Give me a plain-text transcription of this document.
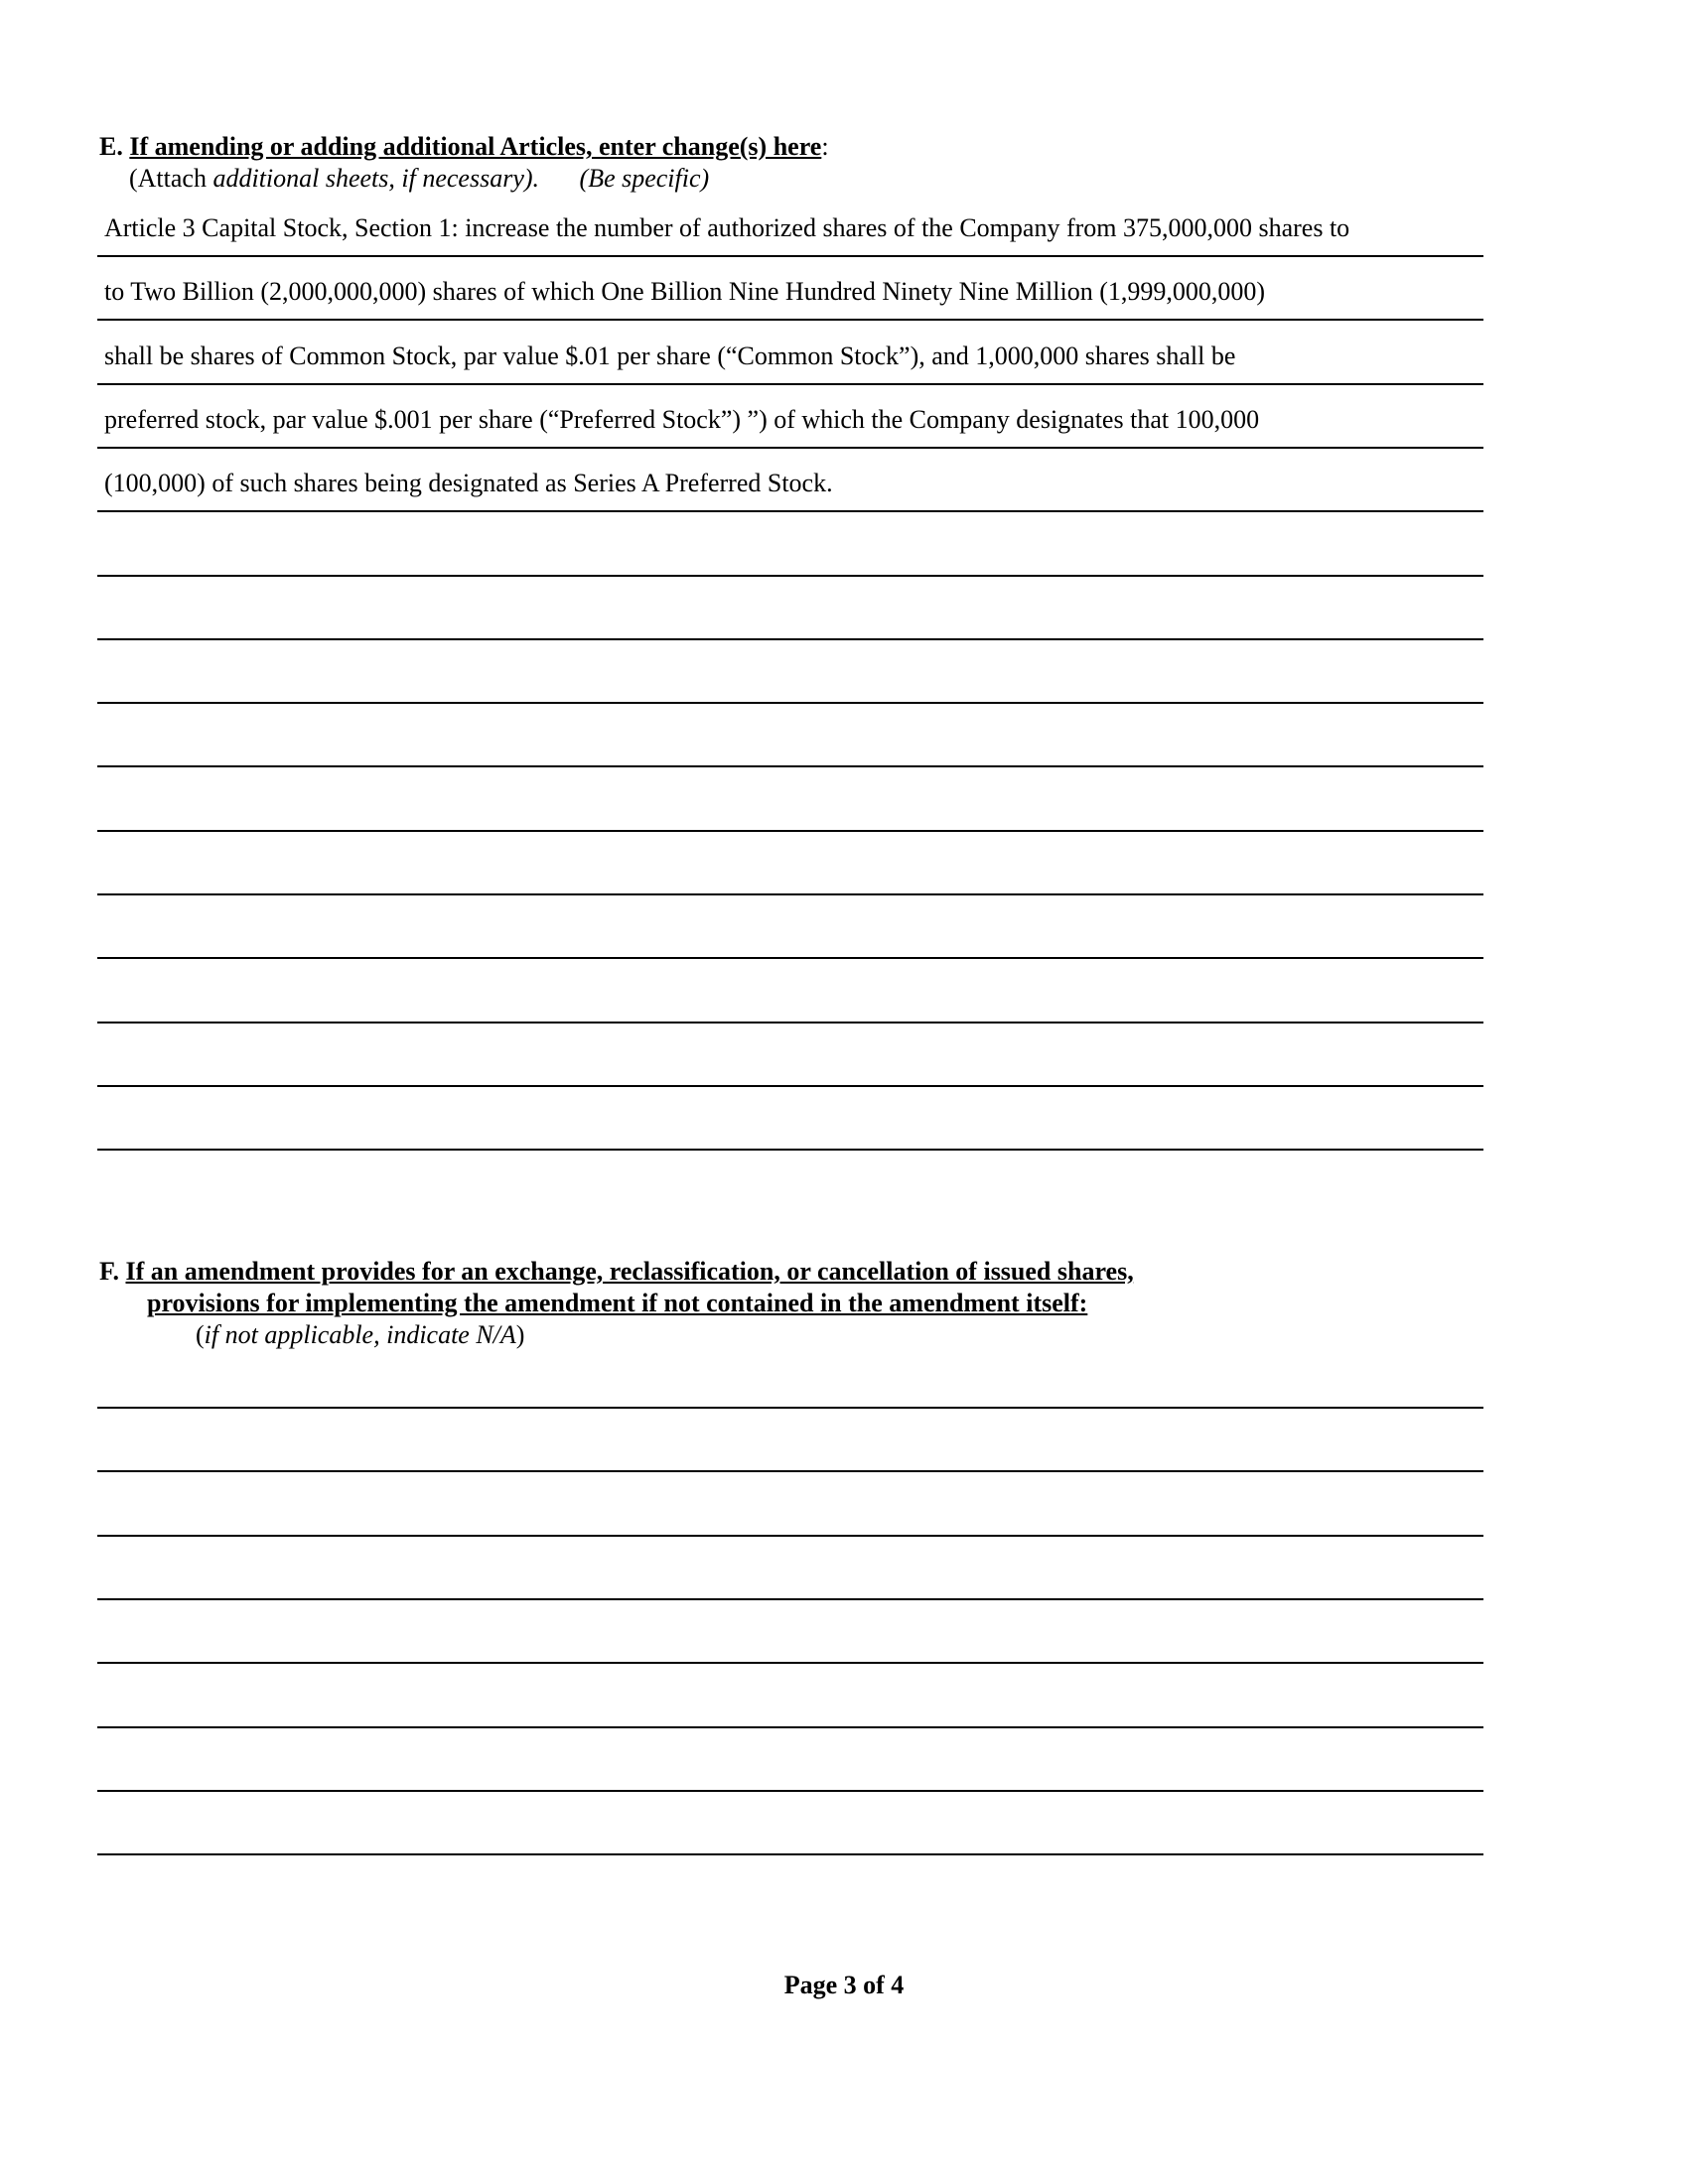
E. If amending or adding additional Articles, enter change(s) here:
(Attach additional sheets, if necessary). (Be specific)
Article 3 Capital Stock, Section 1: increase the number of authorized shares of the Company from 375,000,000 shares to
to Two Billion (2,000,000,000) shares of which One Billion Nine Hundred Ninety Nine Million (1,999,000,000)
shall be shares of Common Stock, par value $.01 per share (“Common Stock”), and 1,000,000 shares shall be
preferred stock, par value $.001 per share (“Preferred Stock”) ”) of which the Company designates that 100,000
(100,000) of such shares being designated as Series A Preferred Stock.
F. If an amendment provides for an exchange, reclassification, or cancellation of issued shares,
provisions for implementing the amendment if not contained in the amendment itself:
(if not applicable, indicate N/A)
Page 3 of 4
